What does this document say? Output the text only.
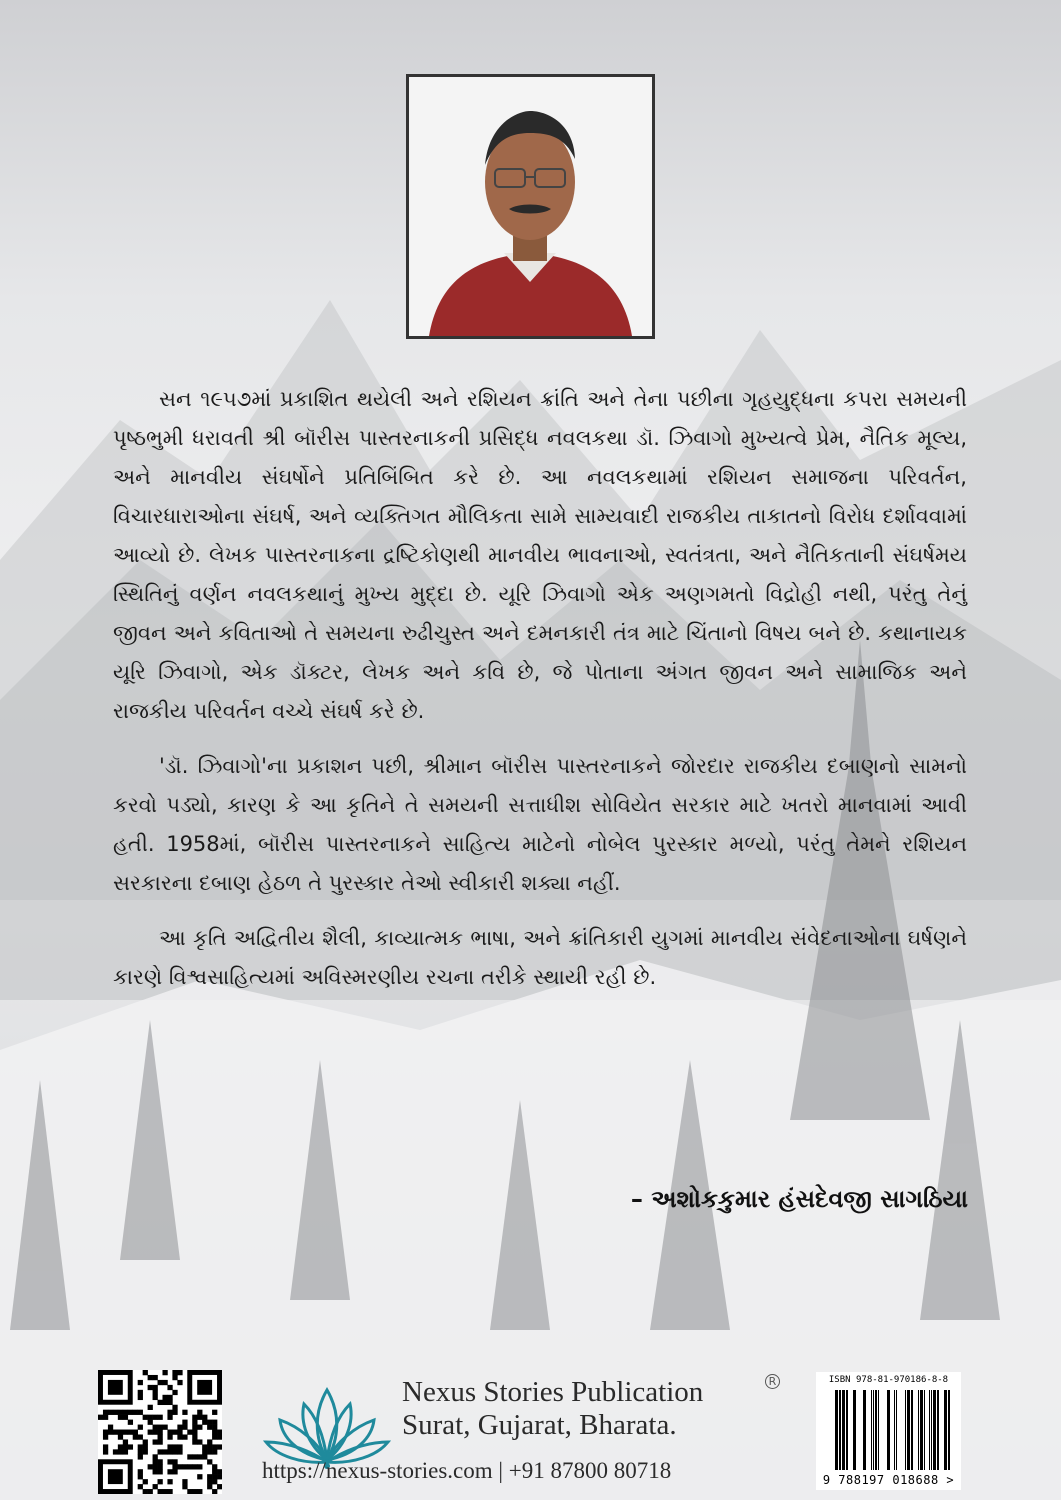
સન ૧૯૫૭માં પ્રકાશિત થયેલી અને રશિયન ક્રાંતિ અને તેના પછીના ગૃહયુદ્ધના કપરા સમયની પૃષ્ઠભુમી ધરાવતી શ્રી બૉરીસ પાસ્તરનાકની પ્રસિદ્ધ નવલકથા ડૉ. ઝિવાગો મુખ્યત્વે પ્રેમ, નૈતિક મૂલ્ય, અને માનવીય સંઘર્ષોને પ્રતિબિંબિત કરે છે. આ નવલકથામાં રશિયન સમાજના પરિવર્તન, વિચારધારાઓના સંઘર્ષ, અને વ્યક્તિગત મૌલિકતા સામે સામ્યવાદી રાજકીય તાકાતનો વિરોધ દર્શાવવામાં આવ્યો છે. લેખક પાસ્તરનાકના દ્રષ્ટિકોણથી માનવીય ભાવનાઓ, સ્વતંત્રતા, અને નૈતિકતાની સંઘર્ષમય સ્થિતિનું વર્ણન નવલકથાનું મુખ્ય મુદ્દા છે. યૂરિ ઝિવાગો એક અણગમતો વિદ્રોહી નથી, પરંતુ તેનું જીવન અને કવિતાઓ તે સમયના રુઢીચુસ્ત અને દમનકારી તંત્ર માટે ચિંતાનો વિષય બને છે. કથાનાયક યૂરિ ઝિવાગો, એક ડૉક્ટર, લેખક અને કવિ છે, જે પોતાના અંગત જીવન અને સામાજિક અને રાજકીય પરિવર્તન વચ્ચે સંઘર્ષ કરે છે.

'ડૉ. ઝિવાગો'ના પ્રકાશન પછી, શ્રીમાન બૉરીસ પાસ્તરનાકને જોરદાર રાજકીય દબાણનો સામનો કરવો પડ્યો, કારણ કે આ કૃતિને તે સમયની સત્તાધીશ સોવિયેત સરકાર માટે ખતરો માનવામાં આવી હતી. 1958માં, બૉરીસ પાસ્તરનાકને સાહિત્ય માટેનો નોબેલ પુરસ્કાર મળ્યો, પરંતુ તેમને રશિયન સરકારના દબાણ હેઠળ તે પુરસ્કાર તેઓ સ્વીકારી શક્યા નહીં.

આ કૃતિ અદ્વિતીય શૈલી, કાવ્યાત્મક ભાષા, અને ક્રાંતિકારી યુગમાં માનવીય સંવેદનાઓના ઘર્ષણને કારણે વિશ્વસાહિત્યમાં અવિસ્મરણીય રચના તરીકે સ્થાયી રહી છે.

– અશોકકુમાર હંસદેવજી સાગઠિયા
Nexus Stories Publication
Surat, Gujarat, Bharata.
R
https://nexus-stories.com | +91 87800 80718
ISBN 978-81-970186-8-8
9 788197 018688 >
